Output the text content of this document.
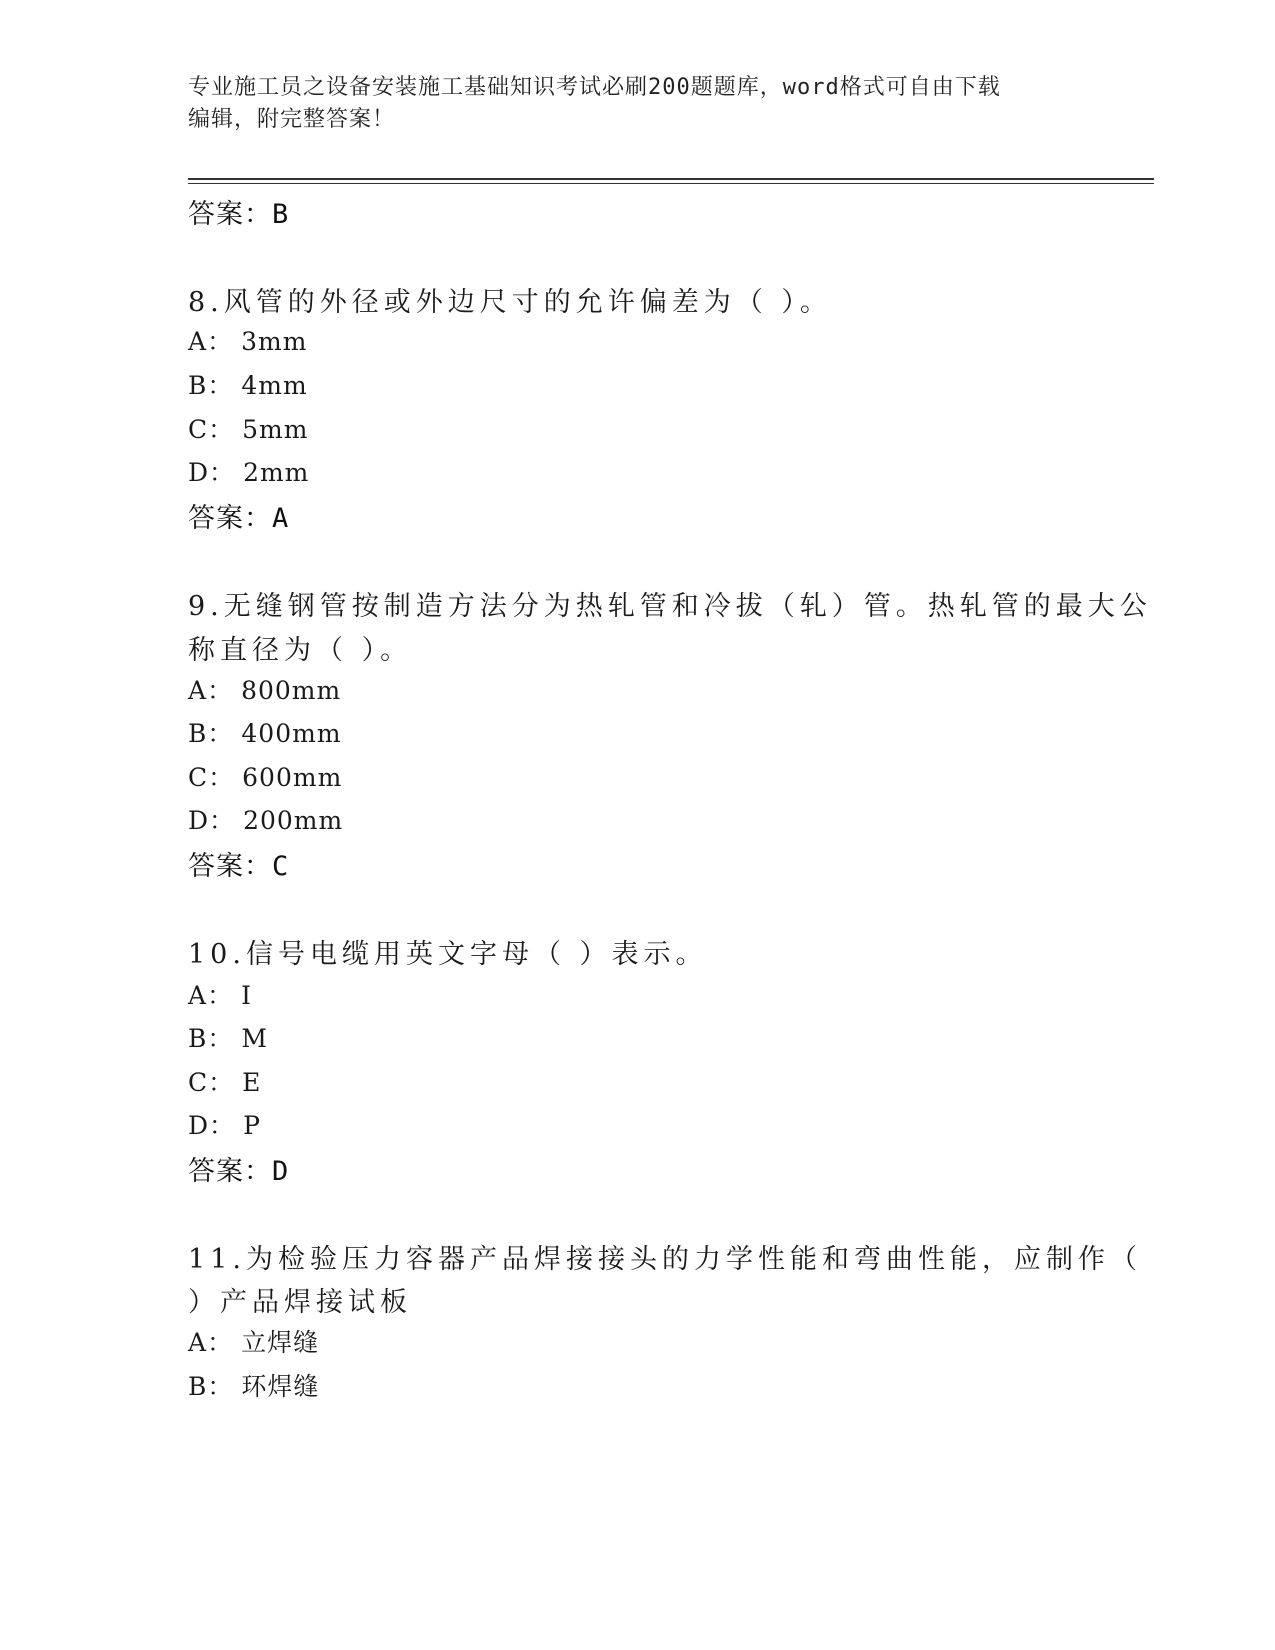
专业施工员之设备安装施工基础知识考试必刷200题题库，word格式可自由下载
编辑，附完整答案！
答案：B
8.风管的外径或外边尺寸的允许偏差为（ ）。
A： 3mm
B： 4mm
C： 5mm
D： 2mm
答案：A
9.无缝钢管按制造方法分为热轧管和冷拔（轧）管。热轧管的最大公
称直径为（ ）。
A： 800mm
B： 400mm
C： 600mm
D： 200mm
答案：C
10.信号电缆用英文字母（ ）表示。
A： I
B： M
C： E
D： P
答案：D
11.为检验压力容器产品焊接接头的力学性能和弯曲性能，应制作（
）产品焊接试板
A： 立焊缝
B： 环焊缝
